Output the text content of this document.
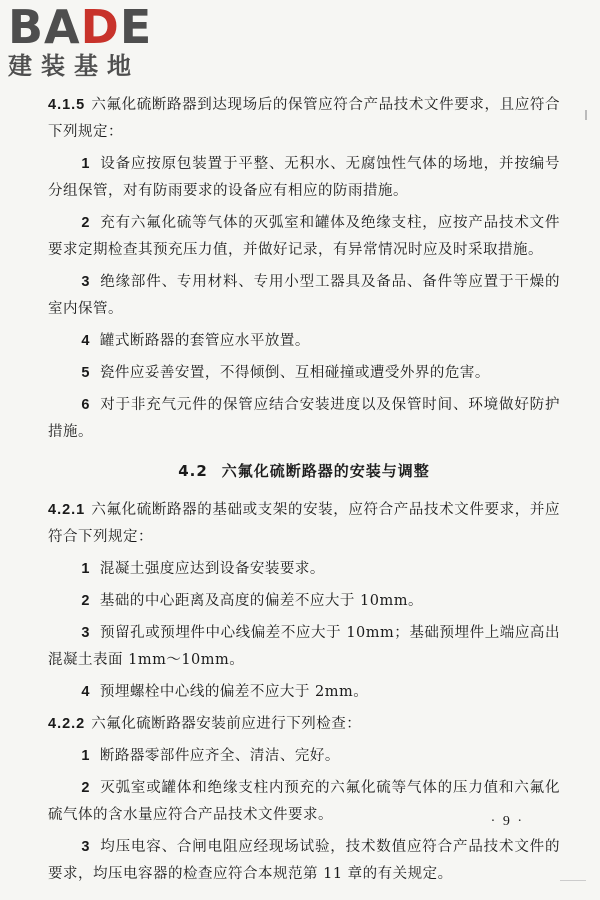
BADE
建装基地

4.1.5 六氟化硫断路器到达现场后的保管应符合产品技术文件要求，且应符合下列规定：

1 设备应按原包装置于平整、无积水、无腐蚀性气体的场地，并按编号分组保管，对有防雨要求的设备应有相应的防雨措施。

2 充有六氟化硫等气体的灭弧室和罐体及绝缘支柱，应按产品技术文件要求定期检查其预充压力值，并做好记录，有异常情况时应及时采取措施。

3 绝缘部件、专用材料、专用小型工器具及备品、备件等应置于干燥的室内保管。

4 罐式断路器的套管应水平放置。

5 瓷件应妥善安置，不得倾倒、互相碰撞或遭受外界的危害。

6 对于非充气元件的保管应结合安装进度以及保管时间、环境做好防护措施。

4.2 六氟化硫断路器的安装与调整

4.2.1 六氟化硫断路器的基础或支架的安装，应符合产品技术文件要求，并应符合下列规定：

1 混凝土强度应达到设备安装要求。

2 基础的中心距离及高度的偏差不应大于 10mm。

3 预留孔或预埋件中心线偏差不应大于 10mm；基础预埋件上端应高出混凝土表面 1mm～10mm。

4 预埋螺栓中心线的偏差不应大于 2mm。

4.2.2 六氟化硫断路器安装前应进行下列检查：

1 断路器零部件应齐全、清洁、完好。

2 灭弧室或罐体和绝缘支柱内预充的六氟化硫等气体的压力值和六氟化硫气体的含水量应符合产品技术文件要求。

3 均压电容、合闸电阻应经现场试验，技术数值应符合产品技术文件的要求，均压电容器的检查应符合本规范第 11 章的有关规定。

· 9 ·
